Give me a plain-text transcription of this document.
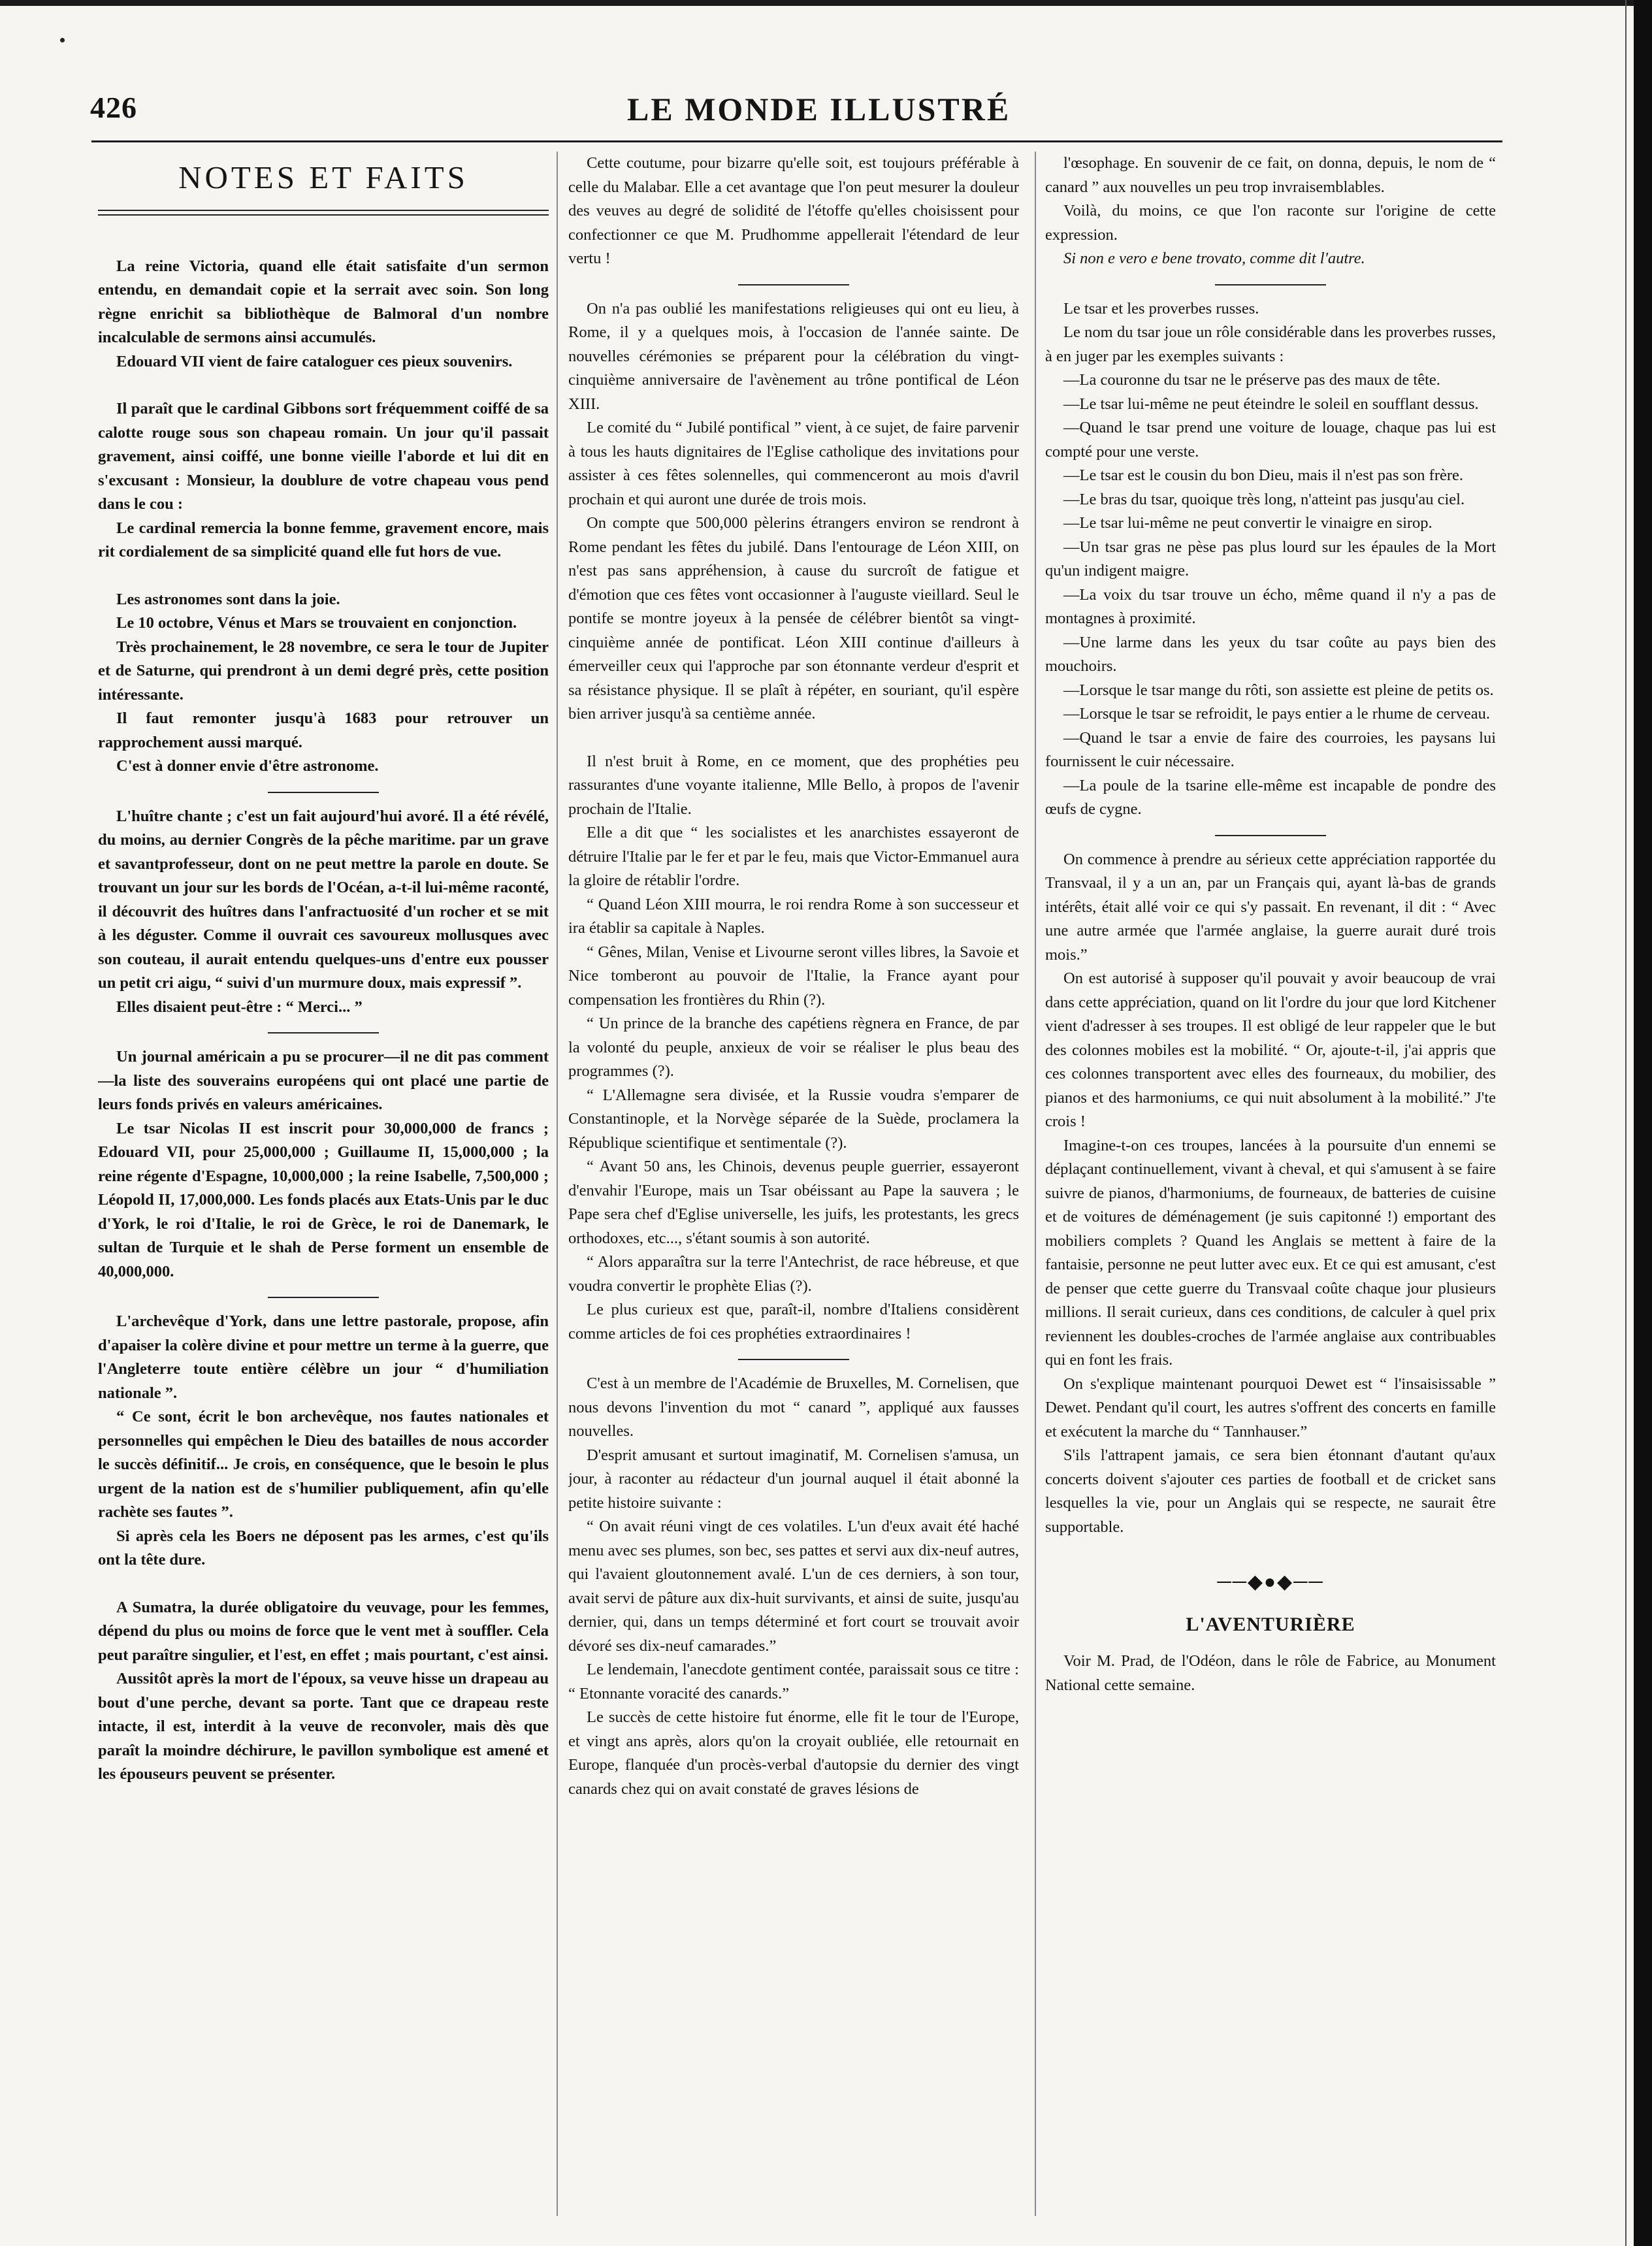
426	LE MONDE ILLUSTRÉ
NOTES ET FAITS

La reine Victoria, quand elle était satisfaite d'un sermon entendu, en demandait copie et la serrait avec soin. Son long règne enrichit sa bibliothèque de Balmoral d'un nombre incalculable de sermons ainsi accumulés.

Edouard VII vient de faire cataloguer ces pieux souvenirs.

Il paraît que le cardinal Gibbons sort fréquemment coiffé de sa calotte rouge sous son chapeau romain. Un jour qu'il passait gravement, ainsi coiffé, une bonne vieille l'aborde et lui dit en s'excusant : Monsieur, la doublure de votre chapeau vous pend dans le cou :

Le cardinal remercia la bonne femme, gravement encore, mais rit cordialement de sa simplicité quand elle fut hors de vue.

Les astronomes sont dans la joie.

Le 10 octobre, Vénus et Mars se trouvaient en conjonction.

Très prochainement, le 28 novembre, ce sera le tour de Jupiter et de Saturne, qui prendront à un demi degré près, cette position intéressante.

Il faut remonter jusqu'à 1683 pour retrouver un rapprochement aussi marqué.

C'est à donner envie d'être astronome.

L'huître chante ; c'est un fait aujourd'hui avoré. Il a été révélé, du moins, au dernier Congrès de la pêche maritime. par un grave et savantprofesseur, dont on ne peut mettre la parole en doute. Se trouvant un jour sur les bords de l'Océan, a-t-il lui-même raconté, il découvrit des huîtres dans l'anfractuosité d'un rocher et se mit à les déguster. Comme il ouvrait ces savoureux mollusques avec son couteau, il aurait entendu quelques-uns d'entre eux pousser un petit cri aigu, “ suivi d'un murmure doux, mais expressif ”.

Elles disaient peut-être : “ Merci... ”

Un journal américain a pu se procurer—il ne dit pas comment—la liste des souverains européens qui ont placé une partie de leurs fonds privés en valeurs américaines.

Le tsar Nicolas II est inscrit pour 30,000,000 de francs ; Edouard VII, pour 25,000,000 ; Guillaume II, 15,000,000 ; la reine régente d'Espagne, 10,000,000 ; la reine Isabelle, 7,500,000 ; Léopold II, 17,000,000. Les fonds placés aux Etats-Unis par le duc d'York, le roi d'Italie, le roi de Grèce, le roi de Danemark, le sultan de Turquie et le shah de Perse forment un ensemble de 40,000,000.

L'archevêque d'York, dans une lettre pastorale, propose, afin d'apaiser la colère divine et pour mettre un terme à la guerre, que l'Angleterre toute entière célèbre un jour “ d'humiliation nationale ”.

“ Ce sont, écrit le bon archevêque, nos fautes nationales et personnelles qui empêchen le Dieu des batailles de nous accorder le succès définitif... Je crois, en conséquence, que le besoin le plus urgent de la nation est de s'humilier publiquement, afin qu'elle rachète ses fautes ”.

Si après cela les Boers ne déposent pas les armes, c'est qu'ils ont la tête dure.

A Sumatra, la durée obligatoire du veuvage, pour les femmes, dépend du plus ou moins de force que le vent met à souffler. Cela peut paraître singulier, et l'est, en effet ; mais pourtant, c'est ainsi.

Aussitôt après la mort de l'époux, sa veuve hisse un drapeau au bout d'une perche, devant sa porte. Tant que ce drapeau reste intacte, il est, interdit à la veuve de reconvoler, mais dès que paraît la moindre déchirure, le pavillon symbolique est amené et les épouseurs peuvent se présenter.

Cette coutume, pour bizarre qu'elle soit, est toujours préférable à celle du Malabar. Elle a cet avantage que l'on peut mesurer la douleur des veuves au degré de solidité de l'étoffe qu'elles choisissent pour confectionner ce que M. Prudhomme appellerait l'étendard de leur vertu !

On n'a pas oublié les manifestations religieuses qui ont eu lieu, à Rome, il y a quelques mois, à l'occasion de l'année sainte. De nouvelles cérémonies se préparent pour la célébration du vingt-cinquième anniversaire de l'avènement au trône pontifical de Léon XIII.

Le comité du “ Jubilé pontifical ” vient, à ce sujet, de faire parvenir à tous les hauts dignitaires de l'Eglise catholique des invitations pour assister à ces fêtes solennelles, qui commenceront au mois d'avril prochain et qui auront une durée de trois mois.

On compte que 500,000 pèlerins étrangers environ se rendront à Rome pendant les fêtes du jubilé. Dans l'entourage de Léon XIII, on n'est pas sans appréhension, à cause du surcroît de fatigue et d'émotion que ces fêtes vont occasionner à l'auguste vieillard. Seul le pontife se montre joyeux à la pensée de célébrer bientôt sa vingt-cinquième année de pontificat. Léon XIII continue d'ailleurs à émerveiller ceux qui l'approche par son étonnante verdeur d'esprit et sa résistance physique. Il se plaît à répéter, en souriant, qu'il espère bien arriver jusqu'à sa centième année.

Il n'est bruit à Rome, en ce moment, que des prophéties peu rassurantes d'une voyante italienne, Mlle Bello, à propos de l'avenir prochain de l'Italie.

Elle a dit que “ les socialistes et les anarchistes essayeront de détruire l'Italie par le fer et par le feu, mais que Victor-Emmanuel aura la gloire de rétablir l'ordre.

“ Quand Léon XIII mourra, le roi rendra Rome à son successeur et ira établir sa capitale à Naples.

“ Gênes, Milan, Venise et Livourne seront villes libres, la Savoie et Nice tomberont au pouvoir de l'Italie, la France ayant pour compensation les frontières du Rhin (?).

“ Un prince de la branche des capétiens règnera en France, de par la volonté du peuple, anxieux de voir se réaliser le plus beau des programmes (?).

“ L'Allemagne sera divisée, et la Russie voudra s'emparer de Constantinople, et la Norvège séparée de la Suède, proclamera la République scientifique et sentimentale (?).

“ Avant 50 ans, les Chinois, devenus peuple guerrier, essayeront d'envahir l'Europe, mais un Tsar obéissant au Pape la sauvera ; le Pape sera chef d'Eglise universelle, les juifs, les protestants, les grecs orthodoxes, etc..., s'étant soumis à son autorité.

“ Alors apparaîtra sur la terre l'Antechrist, de race hébreuse, et que voudra convertir le prophète Elias (?).

Le plus curieux est que, paraît-il, nombre d'Italiens considèrent comme articles de foi ces prophéties extraordinaires !

C'est à un membre de l'Académie de Bruxelles, M. Cornelisen, que nous devons l'invention du mot “ canard ”, appliqué aux fausses nouvelles.

D'esprit amusant et surtout imaginatif, M. Cornelisen s'amusa, un jour, à raconter au rédacteur d'un journal auquel il était abonné la petite histoire suivante :

“ On avait réuni vingt de ces volatiles. L'un d'eux avait été haché menu avec ses plumes, son bec, ses pattes et servi aux dix-neuf autres, qui l'avaient gloutonnement avalé. L'un de ces derniers, à son tour, avait servi de pâture aux dix-huit survivants, et ainsi de suite, jusqu'au dernier, qui, dans un temps déterminé et fort court se trouvait avoir dévoré ses dix-neuf camarades.”

Le lendemain, l'anecdote gentiment contée, paraissait sous ce titre : “ Etonnante voracité des canards.”

Le succès de cette histoire fut énorme, elle fit le tour de l'Europe, et vingt ans après, alors qu'on la croyait oubliée, elle retournait en Europe, flanquée d'un procès-verbal d'autopsie du dernier des vingt canards chez qui on avait constaté de graves lésions de

l'œsophage. En souvenir de ce fait, on donna, depuis, le nom de “ canard ” aux nouvelles un peu trop invraisemblables.

Voilà, du moins, ce que l'on raconte sur l'origine de cette expression.

Si non e vero e bene trovato, comme dit l'autre.

Le tsar et les proverbes russes.

Le nom du tsar joue un rôle considérable dans les proverbes russes, à en juger par les exemples suivants :

—La couronne du tsar ne le préserve pas des maux de tête.

—Le tsar lui-même ne peut éteindre le soleil en soufflant dessus.

—Quand le tsar prend une voiture de louage, chaque pas lui est compté pour une verste.

—Le tsar est le cousin du bon Dieu, mais il n'est pas son frère.

—Le bras du tsar, quoique très long, n'atteint pas jusqu'au ciel.

—Le tsar lui-même ne peut convertir le vinaigre en sirop.

—Un tsar gras ne pèse pas plus lourd sur les épaules de la Mort qu'un indigent maigre.

—La voix du tsar trouve un écho, même quand il n'y a pas de montagnes à proximité.

—Une larme dans les yeux du tsar coûte au pays bien des mouchoirs.

—Lorsque le tsar mange du rôti, son assiette est pleine de petits os.

—Lorsque le tsar se refroidit, le pays entier a le rhume de cerveau.

—Quand le tsar a envie de faire des courroies, les paysans lui fournissent le cuir nécessaire.

—La poule de la tsarine elle-même est incapable de pondre des œufs de cygne.

On commence à prendre au sérieux cette appréciation rapportée du Transvaal, il y a un an, par un Français qui, ayant là-bas de grands intérêts, était allé voir ce qui s'y passait. En revenant, il dit : “ Avec une autre armée que l'armée anglaise, la guerre aurait duré trois mois.”

On est autorisé à supposer qu'il pouvait y avoir beaucoup de vrai dans cette appréciation, quand on lit l'ordre du jour que lord Kitchener vient d'adresser à ses troupes. Il est obligé de leur rappeler que le but des colonnes mobiles est la mobilité. “ Or, ajoute-t-il, j'ai appris que ces colonnes transportent avec elles des fourneaux, du mobilier, des pianos et des harmoniums, ce qui nuit absolument à la mobilité.” J'te crois !

Imagine-t-on ces troupes, lancées à la poursuite d'un ennemi se déplaçant continuellement, vivant à cheval, et qui s'amusent à se faire suivre de pianos, d'harmoniums, de fourneaux, de batteries de cuisine et de voitures de déménagement (je suis capitonné !) emportant des mobiliers complets ? Quand les Anglais se mettent à faire de la fantaisie, personne ne peut lutter avec eux. Et ce qui est amusant, c'est de penser que cette guerre du Transvaal coûte chaque jour plusieurs millions. Il serait curieux, dans ces conditions, de calculer à quel prix reviennent les doubles-croches de l'armée anglaise aux contribuables qui en font les frais.

On s'explique maintenant pourquoi Dewet est “ l'insaisissable ” Dewet. Pendant qu'il court, les autres s'offrent des concerts en famille et exécutent la marche du “ Tannhauser.”

S'ils l'attrapent jamais, ce sera bien étonnant d'autant qu'aux concerts doivent s'ajouter ces parties de football et de cricket sans lesquelles la vie, pour un Anglais qui se respecte, ne saurait être supportable.

──◆●◆──
L'AVENTURIÈRE

Voir M. Prad, de l'Odéon, dans le rôle de Fabrice, au Monument National cette semaine.
